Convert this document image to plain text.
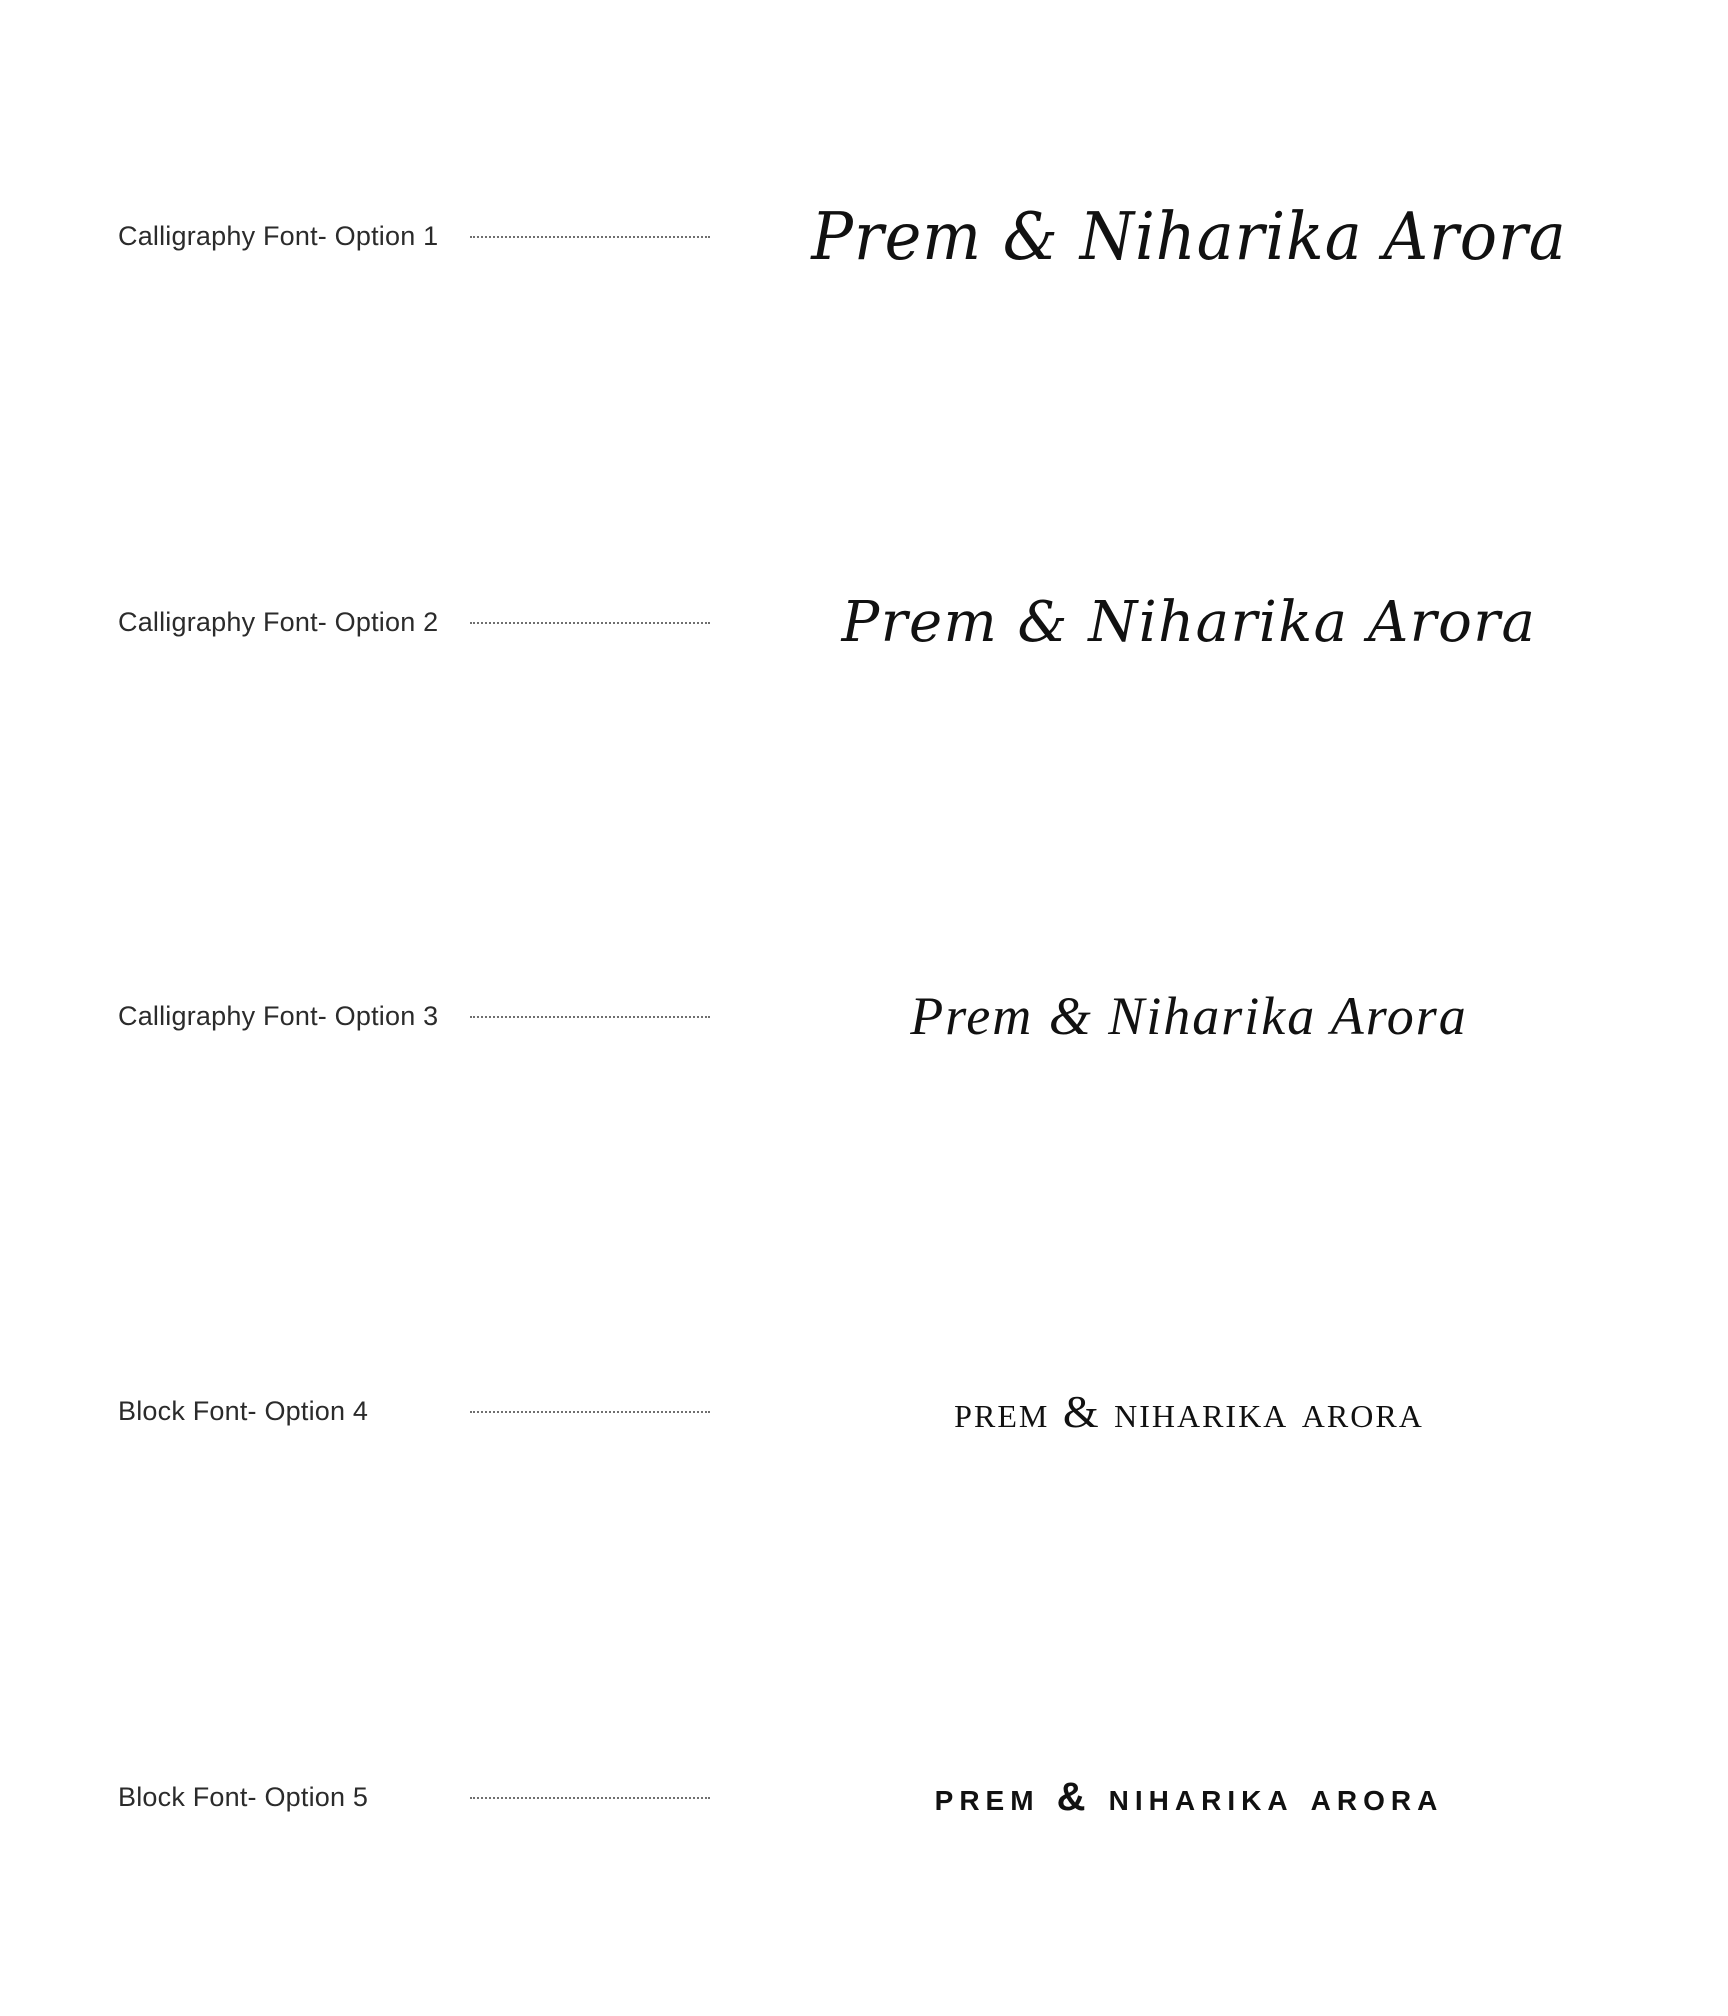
Calligraphy Font- Option 1	Prem & Niharika Arora
Calligraphy Font- Option 2	Prem & Niharika Arora
Calligraphy Font- Option 3	Prem & Niharika Arora
Block Font- Option 4	prem & niharika arora
Block Font- Option 5	prem & niharika arora
